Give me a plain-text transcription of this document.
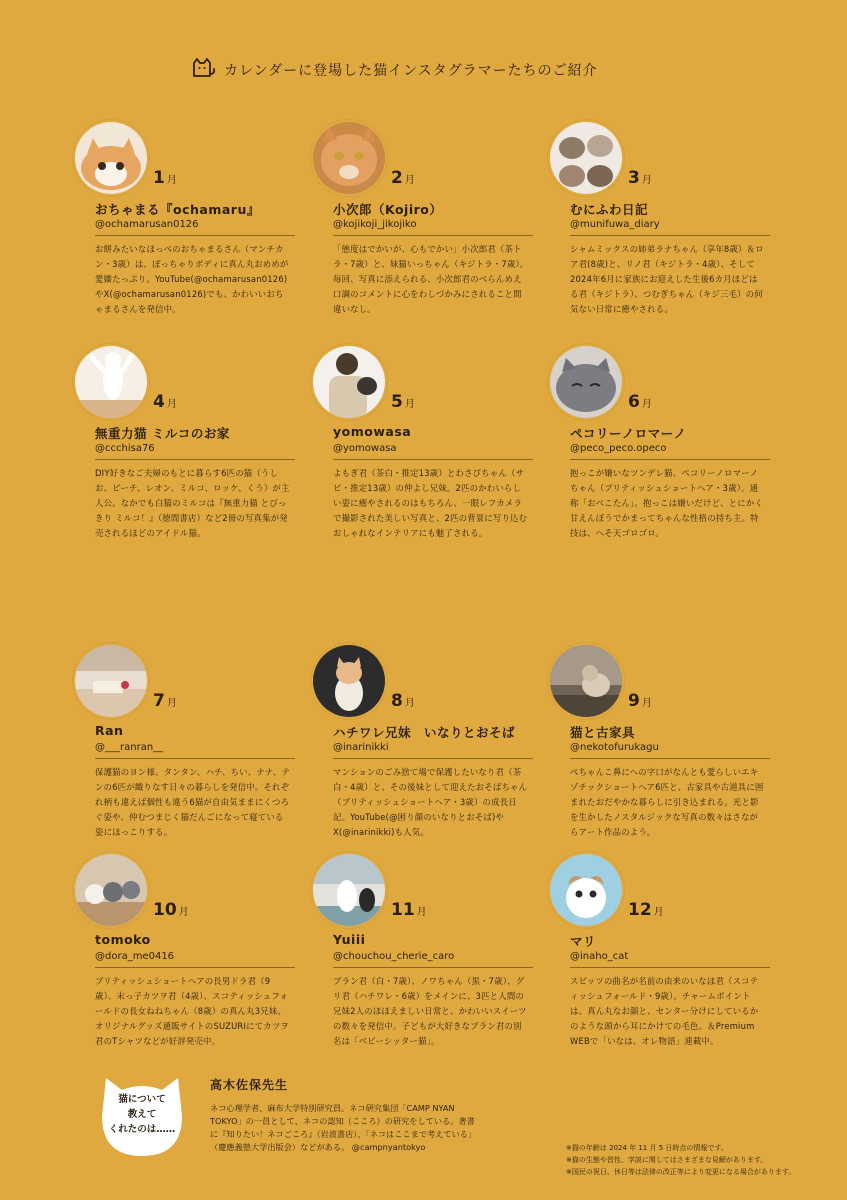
カレンダーに登場した猫インスタグラマーたちのご紹介
1 月
おちゃまる『ochamaru』
@ochamarusan0126
お餅みたいなほっぺのおちゃまるさん（マンチカン・3歳）は、ぽっちゃりボディに真ん丸おめめが愛嬌たっぷり。YouTube(@ochamarusan0126)やX(@ochamarusan0126)でも、かわいいおちゃまるさんを発信中。
2 月
小次郎（Kojiro）
@kojikoji_jikojiko
「態度はでかいが、心もでかい」小次郎君（茶トラ・7歳）と、妹猫いっちゃん（キジトラ・7歳）。毎回、写真に添えられる、小次郎君のべらんめえ口調のコメントに心をわしづかみにされること間違いなし。
3 月
むにふわ日記
@munifuwa_diary
シャムミックスの姉弟ラナちゃん（享年8歳）＆ロア君(8歳)と、リノ君（キジトラ・4歳）、そして2024年6月に家族にお迎えした生後6カ月ほどはる君（キジトラ）、つむぎちゃん（キジ三毛）の何気ない日常に癒やされる。
4 月
無重力猫 ミルコのお家
@ccchisa76
DIY好きなご夫婦のもとに暮らす6匹の猫（うしお、ピーチ、レオン、ミルコ、ロッケ、くう）が主人公。なかでも白猫のミルコは『無重力猫 とびっきり ミルコ！』（徳間書店）など2冊の写真集が発売されるほどのアイドル猫。
5 月
yomowasa
@yomowasa
よもぎ君（茶白・推定13歳）とわさびちゃん（サビ・推定13歳）の仲よし兄妹。2匹のかわいらしい姿に癒やされるのはもちろん、一眼レフカメラで撮影された美しい写真と、2匹の背景に写り込むおしゃれなインテリアにも魅了される。
6 月
ペコリーノロマーノ
@peco_peco.opeco
抱っこが嫌いなツンデレ猫、ペコリーノロマーノちゃん（ブリティッシュショートヘア・3歳）。通称「おペこたん」。抱っこは嫌いだけど、とにかく甘えんぼうでかまってちゃんな性格の持ち主。特技は、へそ天ゴロゴロ。
7 月
Ran
@___ranran__
保護猫のヨン様、タンタン、ハチ、ちい、ナナ、テンの6匹が織りなす日々の暮らしを発信中。それぞれ柄も違えば個性も違う6猫が自由気ままにくつろぐ姿や、仲むつまじく猫だんごになって寝ている姿にほっこりする。
8 月
ハチワレ兄妹　いなりとおそば
@inarinikki
マンションのごみ捨て場で保護したいなり君（茶白・4歳）と、その後妹として迎えたおそばちゃん（ブリティッシュショートヘア・3歳）の成長日記。YouTube(@困り顔のいなりとおそば)やX(@inarinikki)も人気。
9 月
猫と古家具
@nekotofurukagu
ぺちゃんこ鼻にへの字口がなんとも愛らしいエキゾチックショートヘア6匹と、古家具や古道具に囲まれたおだやかな暮らしに引き込まれる。光と影を生かしたノスタルジックな写真の数々はさながらアート作品のよう。
10 月
tomoko
@dora_me0416
ブリティッシュショートヘアの長男ドラ君（9歳）、末っ子カツヲ君（4歳）、スコティッシュフォールドの長女ねねちゃん（8歳）の真ん丸3兄妹。オリジナルグッズ通販サイトのSUZURIにてカツヲ君のTシャツなどが好評発売中。
11 月
Yuiii
@chouchou_cherie_caro
ブラン君（白・7歳）、ノワちゃん（黒・7歳）、グリ君（ハチワレ・6歳）をメインに、3匹と人間の兄妹2人のほほえましい日常と、かわいいスイーツの数々を発信中。子どもが大好きなブラン君の別名は「ベビーシッター猫」。
12 月
マリ
@inaho_cat
スピッツの曲名が名前の由来のいなほ君（スコティッシュフォールド・9歳）。チャームポイントは、真ん丸なお顔と、センター分けにしているかのような頭から耳にかけての毛色。＆Premium WEBで「いなは、オレ物語」連載中。
猫について
教えて
くれたのは……
高木佐保先生
ネコ心理学者、麻布大学特別研究員。ネコ研究集団「CAMP NYAN TOKYO」の一員として、ネコの認知（こころ）の研究をしている。著書に『知りたい！ネコごころ』（岩波書店）、「ネコはここまで考えている」（慶應義塾大学出版会）などがある。 @campnyantokyo	※猫の年齢は 2024 年 11 月 5 日時点の情報です。
※猫の生態や習性、学説に関してはさまざまな見解があります。
※国民の祝日、休日等は法律の改正等により変更になる場合があります。
